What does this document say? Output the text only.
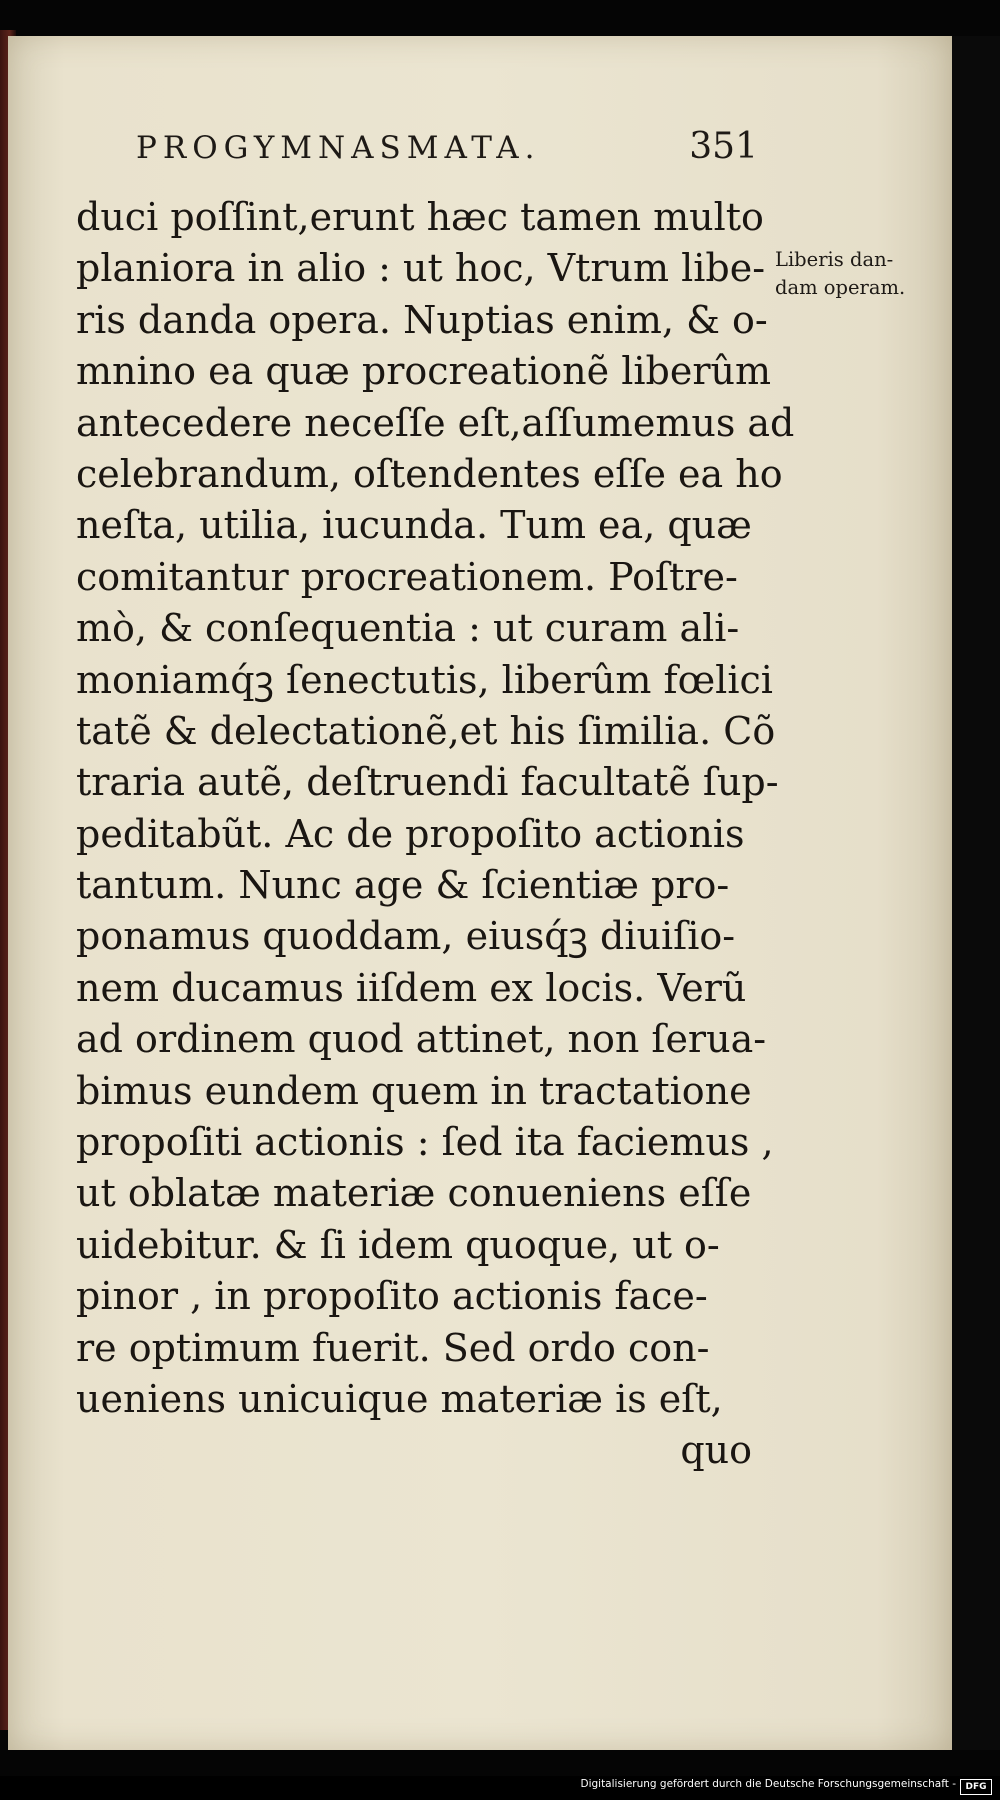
PROGYMNASMATA.	351
duci poſſint,erunt hæc tamen multo
planiora in alio : ut hoc, Vtrum libe-
ris danda opera. Nuptias enim, & o-
mnino ea quæ procreationẽ liberûm
antecedere neceſſe eſt,aſſumemus ad
celebrandum, oſtendentes eſſe ea ho
neſta, utilia, iucunda. Tum ea, quæ
comitantur procreationem. Poſtre-
mò, & conſequentia : ut curam ali-
moniamq́ꝫ ſenectutis, liberûm fœlici
tatẽ & delectationẽ,et his ſimilia. Cõ
traria autẽ, deſtruendi facultatẽ ſup-
peditabũt. Ac de propoſito actionis
tantum. Nunc age & ſcientiæ pro-
ponamus quoddam, eiusq́ꝫ diuiſio-
nem ducamus iiſdem ex locis. Verũ
ad ordinem quod attinet, non ſerua-
bimus eundem quem in tractatione
propoſiti actionis : ſed ita faciemus ,
ut oblatæ materiæ conueniens eſſe
uidebitur. & ſi idem quoque, ut o-
pinor , in propoſito actionis face-
re optimum fuerit. Sed ordo con-
ueniens unicuique materiæ is eſt,
quo
Liberis dan-
dam operam.
Digitalisierung gefördert durch die Deutsche Forschungsgemeinschaft -	DFG
